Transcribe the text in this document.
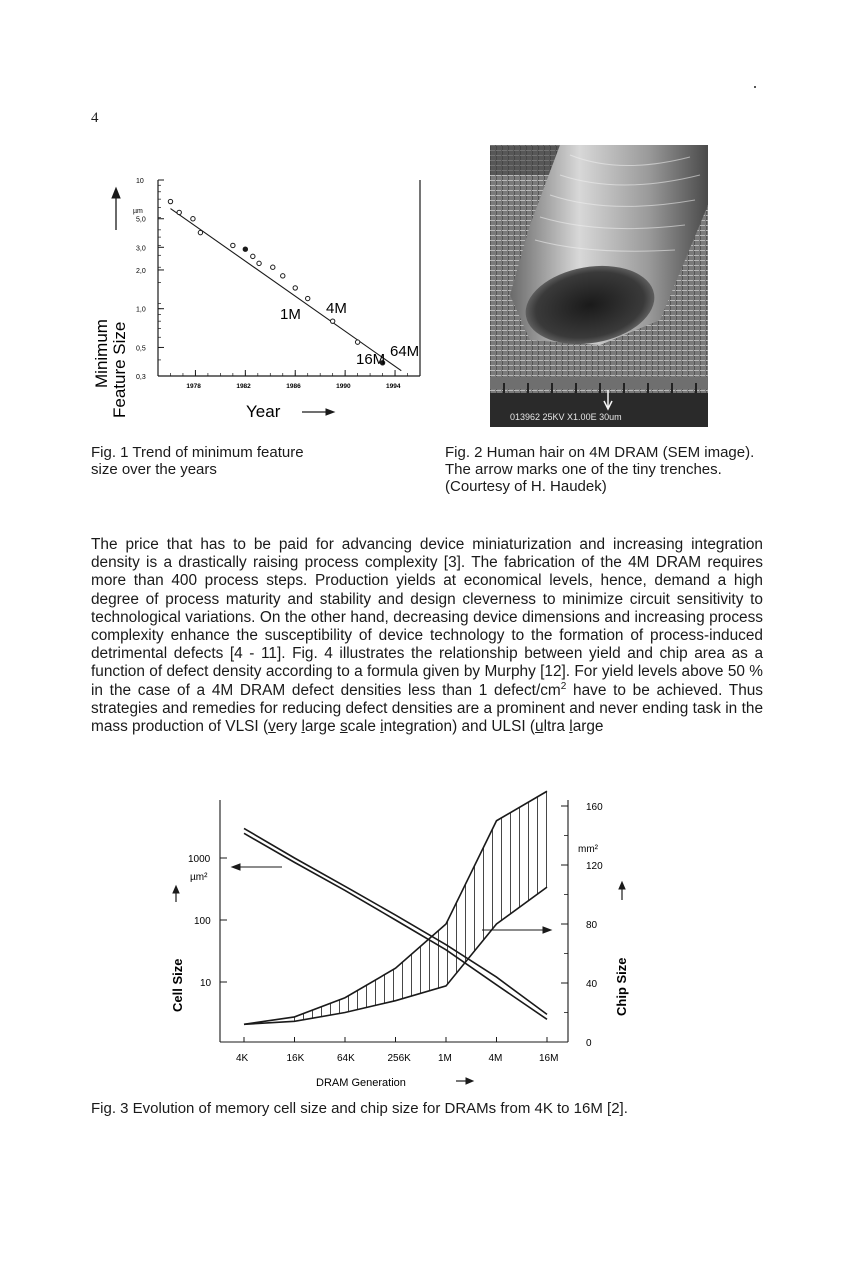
4
Minimum Feature Size
µm
0,3
0,5
1,0
2,0
3,0
5,0
10
1978	1982	1986	1990	1994
1M 4M
16M 64M
Year	013962 25KV X1.00E 30um

Fig. 1 Trend of minimum feature size over the years

Fig. 2 Human hair on 4M DRAM (SEM image). The arrow marks one of the tiny trenches.(Courtesy of H. Haudek)

The price that has to be paid for advancing device miniaturization and increasing integration density is a drastically raising process complexity [3]. The fabrication of the 4M DRAM requires more than 400 process steps. Production yields at economical levels, hence, demand a high degree of process maturity and stability and design cleverness to minimize circuit sensitivity to technological variations. On the other hand, decreasing device dimensions and increasing process complexity enhance the susceptibility of device technology to the formation of process-induced detrimental defects [4 - 11]. Fig. 4 illustrates the relationship between yield and chip area as a function of defect density according to a formula given by Murphy [12]. For yield levels above 50 % in the case of a 4M DRAM defect densities less than 1 defect/$cm^2$ have to be achieved. Thus strategies and remedies for reducing defect densities are a prominent and never ending task in the mass production of VLSI (very large scale integration) and ULSI (ultra large

10
100
1000
0
40
80
120
160
4K	16K	64K	256K	1M	4M	16M
µm²
mm²
Cell Size	Chip Size
DRAM Generation

Fig. 3 Evolution of memory cell size and chip size for DRAMs from 4K to 16M [2].
